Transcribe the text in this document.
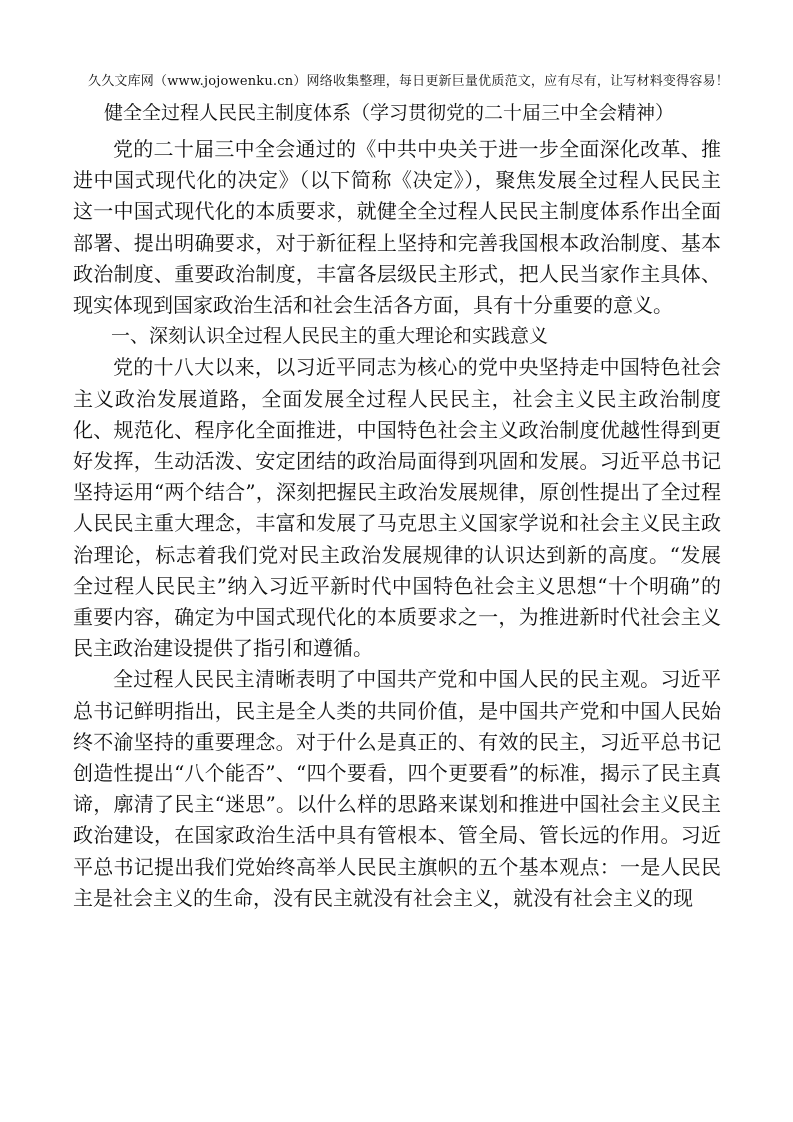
久久文库网（www.jojowenku.cn）网络收集整理，每日更新巨量优质范文，应有尽有，让写材料变得容易！
健全全过程人民民主制度体系（学习贯彻党的二十届三中全会精神）

党的二十届三中全会通过的《中共中央关于进一步全面深化改革、推进中国式现代化的决定》（以下简称《决定》），聚焦发展全过程人民民主这一中国式现代化的本质要求，就健全全过程人民民主制度体系作出全面部署、提出明确要求，对于新征程上坚持和完善我国根本政治制度、基本政治制度、重要政治制度，丰富各层级民主形式，把人民当家作主具体、现实体现到国家政治生活和社会生活各方面，具有十分重要的意义。

一、深刻认识全过程人民民主的重大理论和实践意义

党的十八大以来，以习近平同志为核心的党中央坚持走中国特色社会主义政治发展道路，全面发展全过程人民民主，社会主义民主政治制度化、规范化、程序化全面推进，中国特色社会主义政治制度优越性得到更好发挥，生动活泼、安定团结的政治局面得到巩固和发展。习近平总书记坚持运用“两个结合”，深刻把握民主政治发展规律，原创性提出了全过程人民民主重大理念，丰富和发展了马克思主义国家学说和社会主义民主政治理论，标志着我们党对民主政治发展规律的认识达到新的高度。“发展全过程人民民主”纳入习近平新时代中国特色社会主义思想“十个明确”的重要内容，确定为中国式现代化的本质要求之一，为推进新时代社会主义民主政治建设提供了指引和遵循。

全过程人民民主清晰表明了中国共产党和中国人民的民主观。习近平总书记鲜明指出，民主是全人类的共同价值，是中国共产党和中国人民始终不渝坚持的重要理念。对于什么是真正的、有效的民主，习近平总书记创造性提出“八个能否”、“四个要看，四个更要看”的标准，揭示了民主真谛，廓清了民主“迷思”。以什么样的思路来谋划和推进中国社会主义民主政治建设，在国家政治生活中具有管根本、管全局、管长远的作用。习近平总书记提出我们党始终高举人民民主旗帜的五个基本观点：一是人民民主是社会主义的生命，没有民主就没有社会主义，就没有社会主义的现
